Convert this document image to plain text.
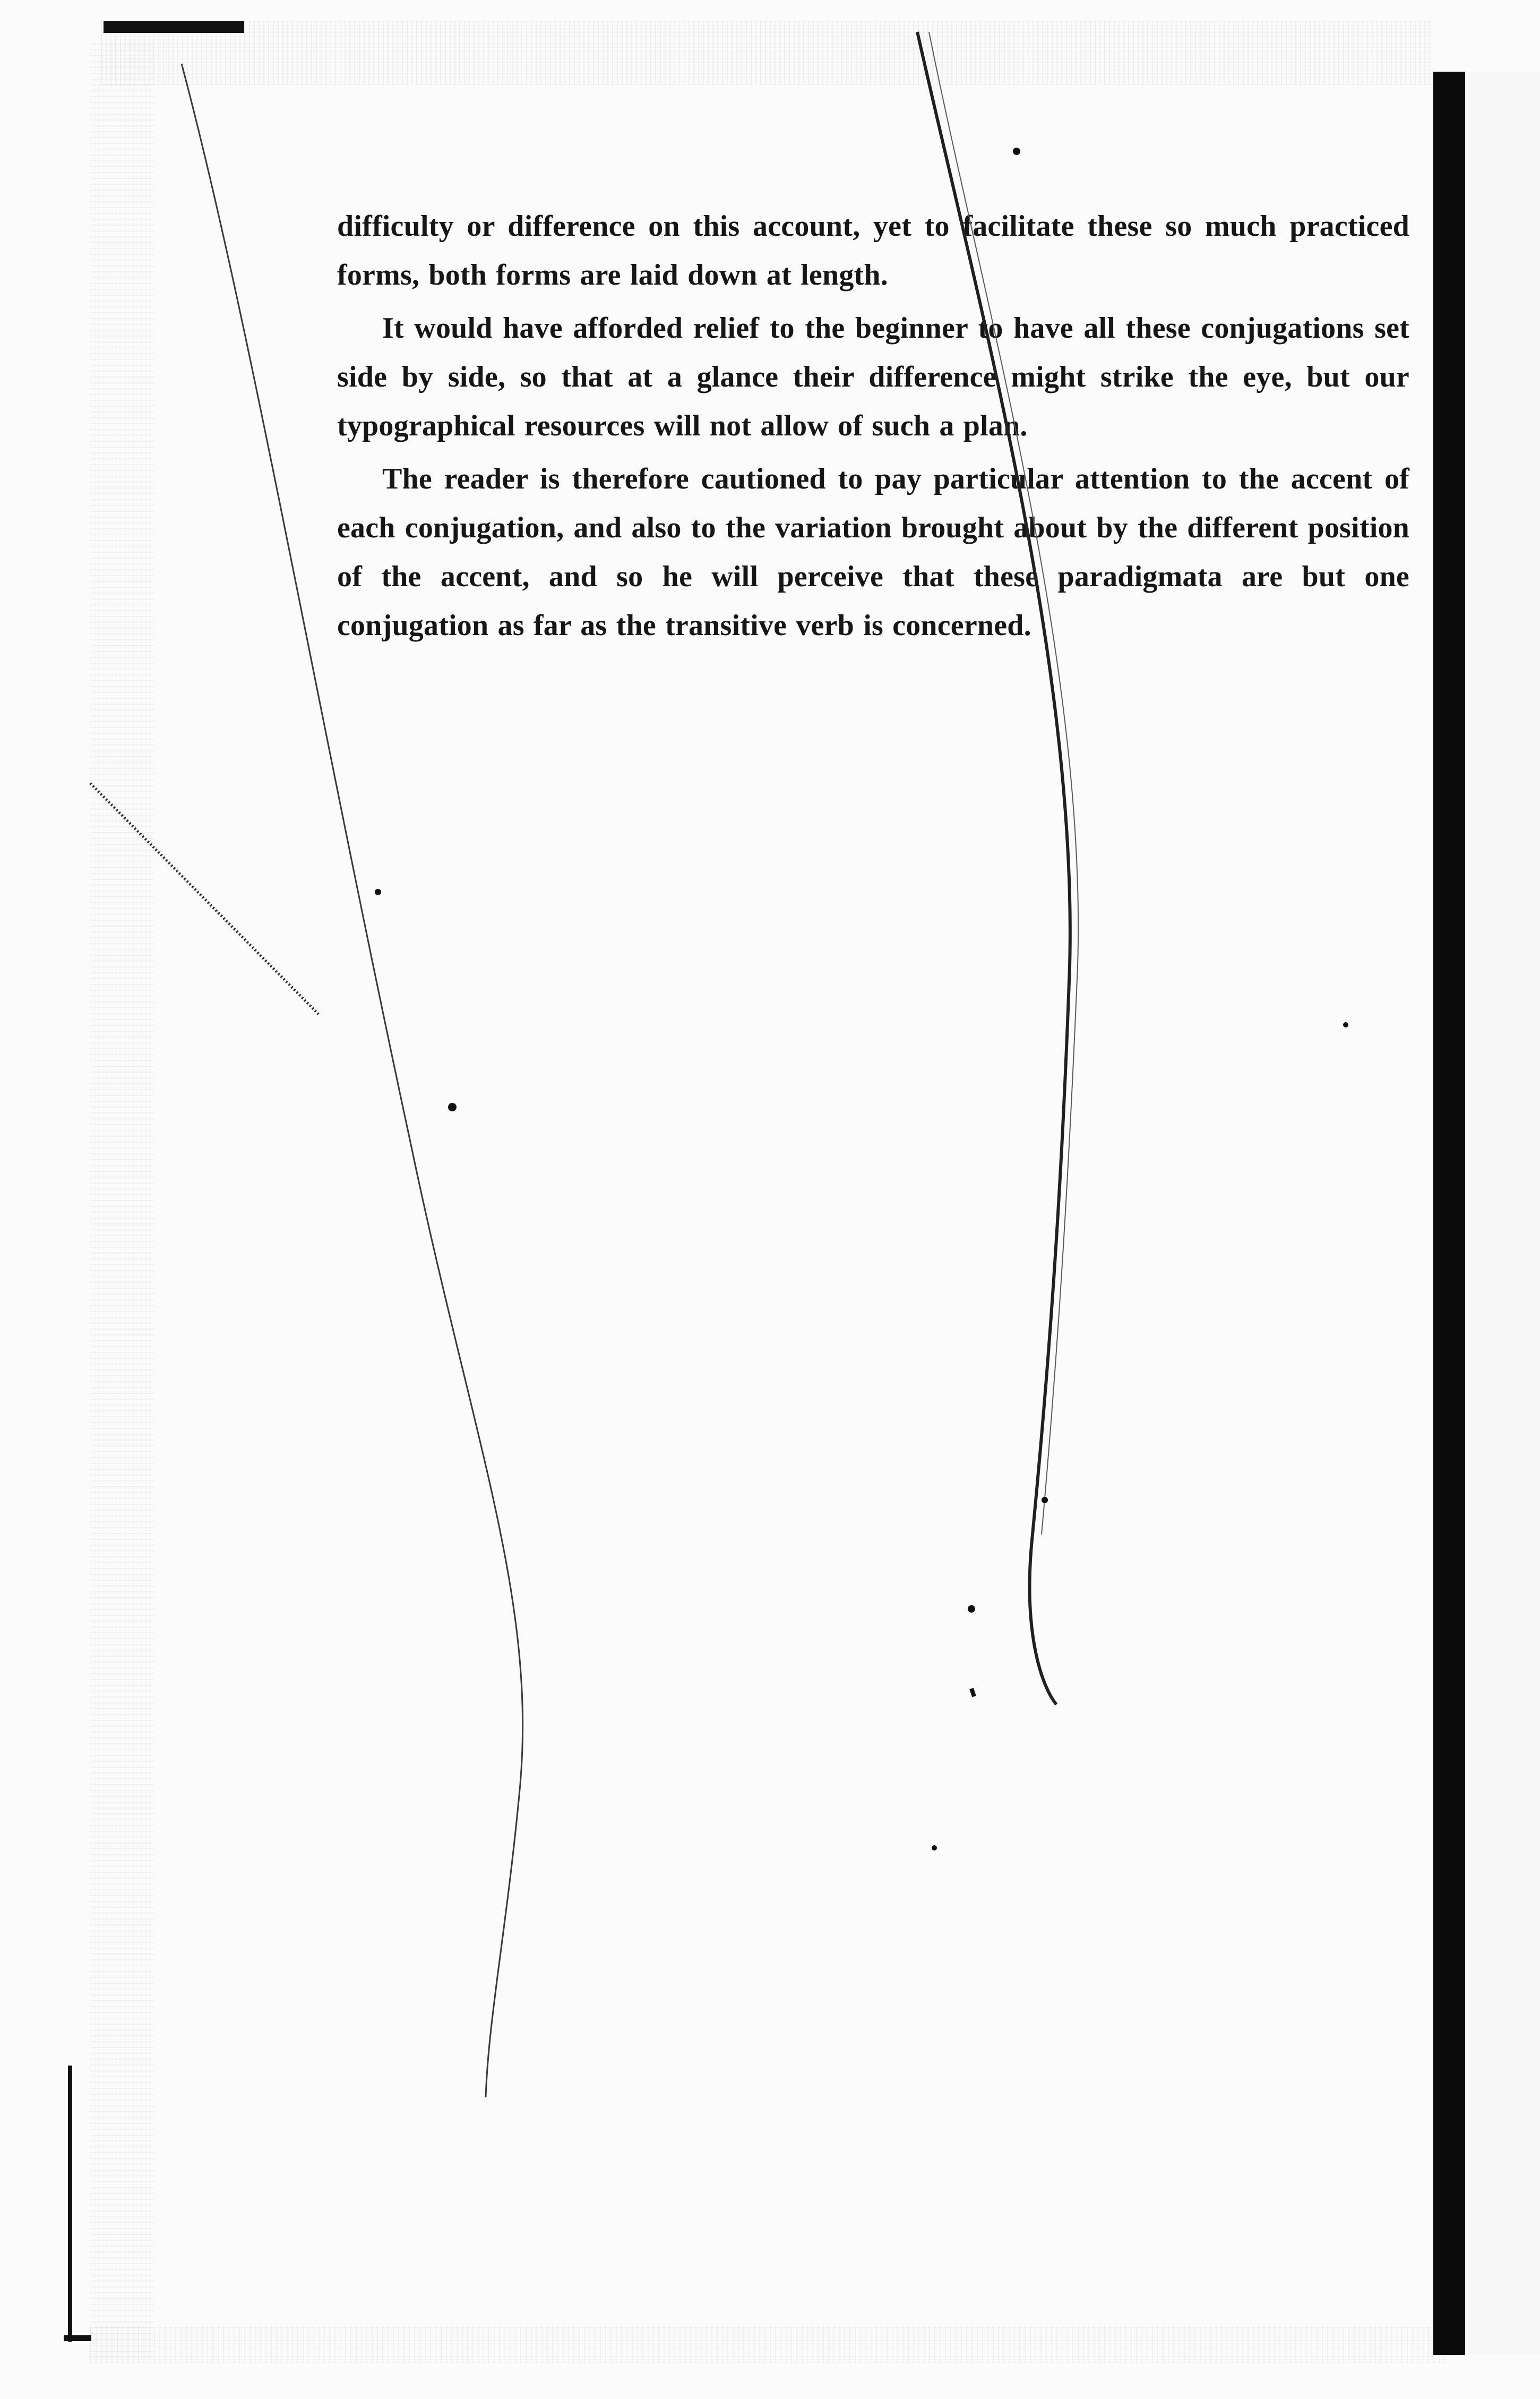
difficulty or difference on this account, yet to facilitate these so much practiced forms, both forms are laid down at length.

It would have afforded relief to the beginner to have all these conjugations set side by side, so that at a glance their difference might strike the eye, but our typographical resources will not allow of such a plan.

The reader is therefore cautioned to pay particular attention to the accent of each conjugation, and also to the variation brought about by the different position of the accent, and so he will perceive that these paradigmata are but one conjugation as far as the transitive verb is concerned.
